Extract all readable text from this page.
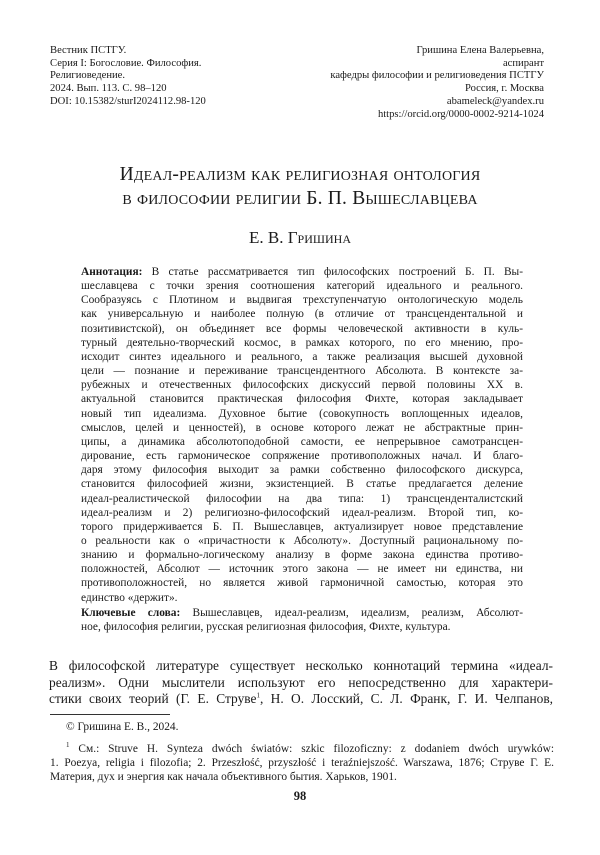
Вестник ПСТГУ.
Серия I: Богословие. Философия.
Религиоведение.
2024. Вып. 113. С. 98–120
DOI: 10.15382/sturI2024112.98-120
Гришина Елена Валерьевна,
аспирант
кафедры философии и религиоведения ПСТГУ
Россия, г. Москва
abameleck@yandex.ru
https://orcid.org/0000-0002-9214-1024
Идеал-реализм как религиозная онтология
в философии религии Б. П. Вышеславцева
Е. В. Гришина
Аннотация: В статье рассматривается тип философских построений Б. П. Вы-
шеславцева с точки зрения соотношения категорий идеального и реального.
Сообразуясь с Плотином и выдвигая трехступенчатую онтологическую модель
как универсальную и наиболее полную (в отличие от трансцендентальной и
позитивистской), он объединяет все формы человеческой активности в куль-
турный деятельно-творческий космос, в рамках которого, по его мнению, про-
исходит синтез идеального и реального, а также реализация высшей духовной
цели — познание и переживание трансцендентного Абсолюта. В контексте за-
рубежных и отечественных философских дискуссий первой половины XX в.
актуальной становится практическая философия Фихте, которая закладывает
новый тип идеализма. Духовное бытие (совокупность воплощенных идеалов,
смыслов, целей и ценностей), в основе которого лежат не абстрактные прин-
ципы, а динамика абсолютоподобной самости, ее непрерывное самотрансцен-
дирование, есть гармоническое сопряжение противоположных начал. И благо-
даря этому философия выходит за рамки собственно философского дискурса,
становится философией жизни, экзистенцией. В статье предлагается деление
идеал-реалистической философии на два типа: 1) трансценденталистский
идеал-реализм и 2) религиозно-философский идеал-реализм. Второй тип, ко-
торого придерживается Б. П. Вышеславцев, актуализирует новое представление
о реальности как о «причастности к Абсолюту». Доступный рациональному по-
знанию и формально-логическому анализу в форме закона единства противо-
положностей, Абсолют — источник этого закона — не имеет ни единства, ни
противоположностей, но является живой гармоничной самостью, которая это
единство «держит».
Ключевые слова: Вышеславцев, идеал-реализм, идеализм, реализм, Абсолют-
ное, философия религии, русская религиозная философия, Фихте, культура.
В философской литературе существует несколько коннотаций термина «идеал-
реализм». Одни мыслители используют его непосредственно для характери-
стики своих теорий (Г. Е. Струве$^1$, Н. О. Лосский, С. Л. Франк, Г. И. Челпанов,
© Гришина Е. В., 2024.
$^1$ См.: Struve H. Synteza dwóch światów: szkic filozoficzny: z dodaniem dwóch urywków:
1. Poezya, religia i filozofia; 2. Przeszłość, przyszłość i teraźniejszość. Warszawa, 1876; Струве Г. Е.
Материя, дух и энергия как начала объективного бытия. Харьков, 1901.
98
